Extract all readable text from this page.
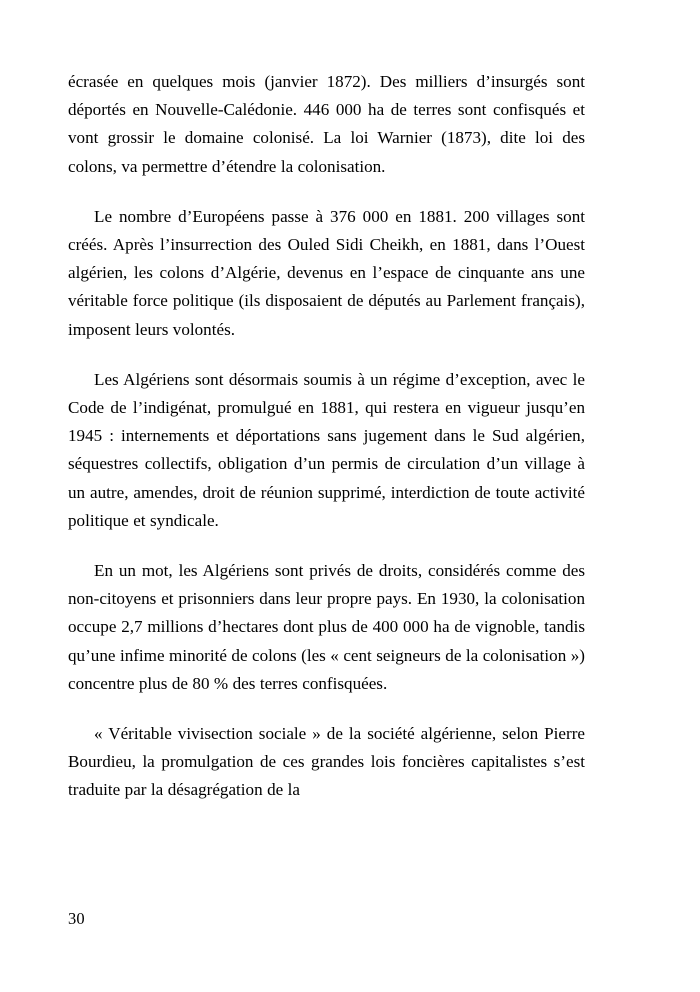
écrasée en quelques mois (janvier 1872). Des milliers d’insurgés sont déportés en Nouvelle-Calédonie. 446 000 ha de terres sont confisqués et vont grossir le domaine colonisé. La loi Warnier (1873), dite loi des colons, va permettre d’étendre la colonisation.

Le nombre d’Européens passe à 376 000 en 1881. 200 villages sont créés. Après l’insurrection des Ouled Sidi Cheikh, en 1881, dans l’Ouest algérien, les colons d’Algérie, devenus en l’espace de cinquante ans une véritable force politique (ils disposaient de députés au Parlement français), imposent leurs volontés.

Les Algériens sont désormais soumis à un régime d’exception, avec le Code de l’indigénat, promulgué en 1881, qui restera en vigueur jusqu’en 1945 : internements et déportations sans jugement dans le Sud algérien, séquestres collectifs, obligation d’un permis de circulation d’un village à un autre, amendes, droit de réunion supprimé, interdiction de toute activité politique et syndicale.

En un mot, les Algériens sont privés de droits, considérés comme des non-citoyens et prisonniers dans leur propre pays. En 1930, la colonisation occupe 2,7 millions d’hectares dont plus de 400 000 ha de vignoble, tandis qu’une infime minorité de colons (les « cent seigneurs de la colonisation ») concentre plus de 80 % des terres confisquées.

« Véritable vivisection sociale » de la société algérienne, selon Pierre Bourdieu, la promulgation de ces grandes lois foncières capitalistes s’est traduite par la désagrégation de la

30
